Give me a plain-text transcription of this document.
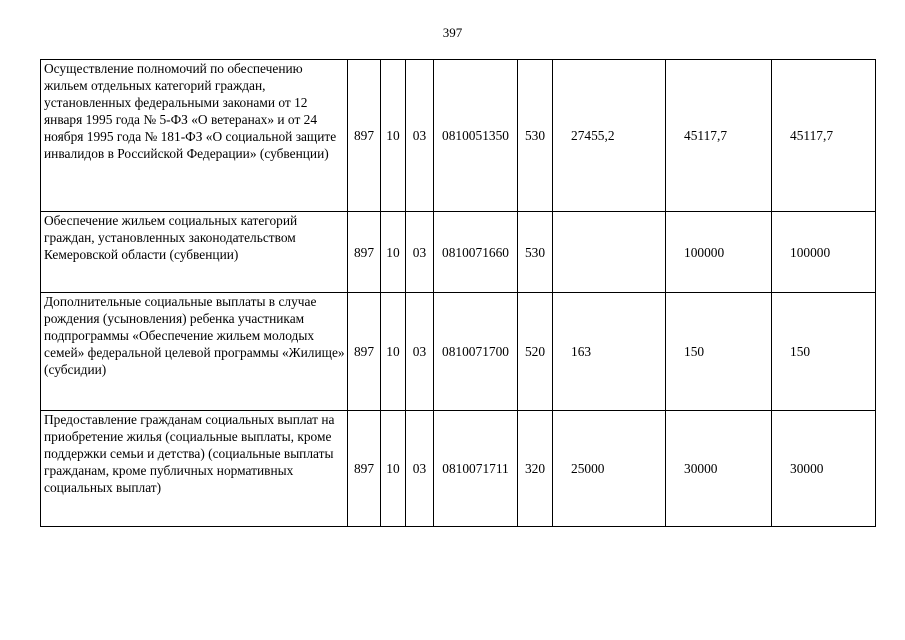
397
Осуществление полномочий по обеспечению жильем отдельных категорий граждан, установленных федеральными законами от 12 января 1995 года № 5-ФЗ «О ветеранах» и от 24 ноября 1995 года № 181-ФЗ «О социальной защите инвалидов в Российской Федерации» (субвенции)	897	10	03	0810051350	530	27455,2	45117,7	45117,7
Обеспечение жильем социальных категорий граждан, установленных законодательством Кемеровской области (субвенции)	897	10	03	0810071660	530		100000	100000
Дополнительные социальные выплаты в случае рождения (усыновления) ребенка участникам подпрограммы «Обеспечение жильем молодых семей» федеральной целевой программы «Жилище» (субсидии)	897	10	03	0810071700	520	163	150	150
Предоставление гражданам социальных выплат на приобретение жилья (социальные выплаты, кроме поддержки семьи и детства) (социальные выплаты гражданам, кроме публичных нормативных социальных выплат)	897	10	03	0810071711	320	25000	30000	30000
